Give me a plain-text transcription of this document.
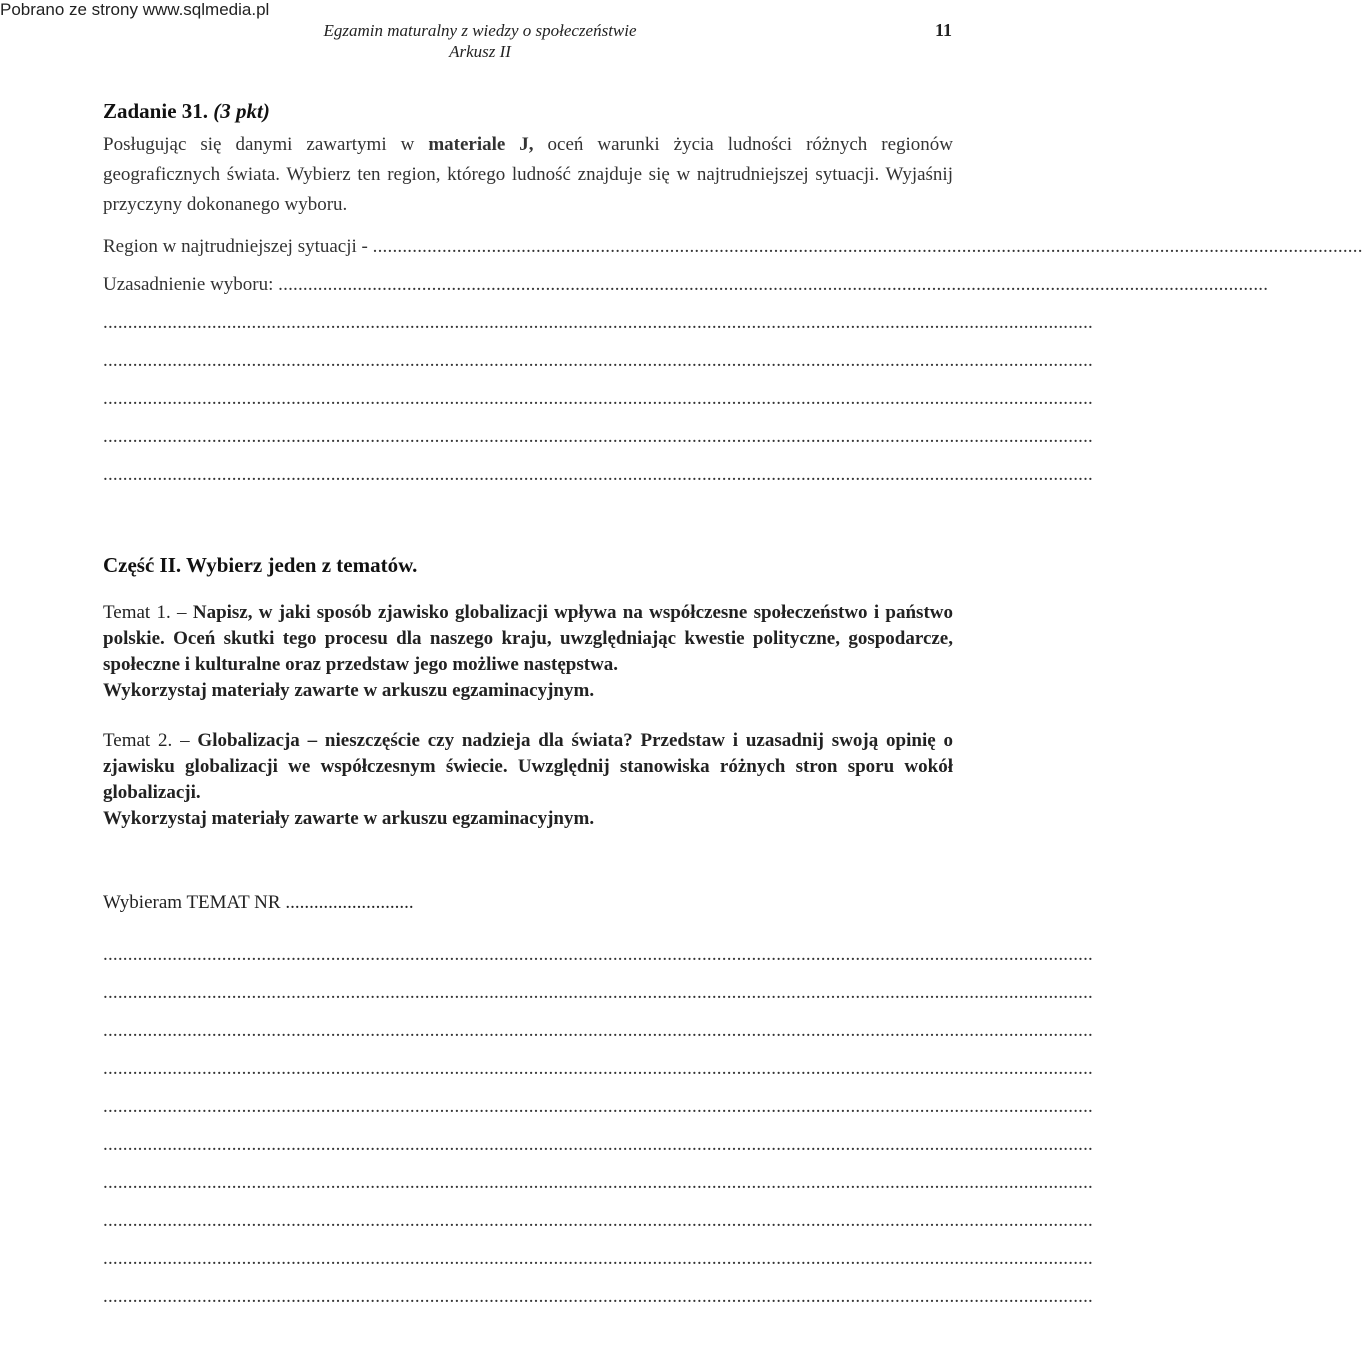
Pobrano ze strony www.sqlmedia.pl
Egzamin maturalny z wiedzy o społeczeństwie
Arkusz II
11

Zadanie 31. (3 pkt)

Posługując się danymi zawartymi w materiale J, oceń warunki życia ludności różnych regionów geograficznych świata. Wybierz ten region, którego ludność znajduje się w najtrudniejszej sytuacji. Wyjaśnij przyczyny dokonanego wyboru.

Region w najtrudniejszej sytuacji - ........................................................................................................................................................................................................
Uzasadnienie wyboru: ........................................................................................................................................................................................................
........................................................................................................................................................................................................
........................................................................................................................................................................................................
........................................................................................................................................................................................................
........................................................................................................................................................................................................
........................................................................................................................................................................................................

Część II. Wybierz jeden z tematów.

Temat 1. – Napisz, w jaki sposób zjawisko globalizacji wpływa na współczesne społeczeństwo i państwo polskie. Oceń skutki tego procesu dla naszego kraju, uwzględniając kwestie polityczne, gospodarcze, społeczne i kulturalne oraz przedstaw jego możliwe następstwa.

Wykorzystaj materiały zawarte w arkuszu egzaminacyjnym.

Temat 2. – Globalizacja – nieszczęście czy nadzieja dla świata? Przedstaw i uzasadnij swoją opinię o zjawisku globalizacji we współczesnym świecie. Uwzględnij stanowiska różnych stron sporu wokół globalizacji.

Wykorzystaj materiały zawarte w arkuszu egzaminacyjnym.

Wybieram TEMAT NR ...........................
........................................................................................................................................................................................................
........................................................................................................................................................................................................
........................................................................................................................................................................................................
........................................................................................................................................................................................................
........................................................................................................................................................................................................
........................................................................................................................................................................................................
........................................................................................................................................................................................................
........................................................................................................................................................................................................
........................................................................................................................................................................................................
........................................................................................................................................................................................................
